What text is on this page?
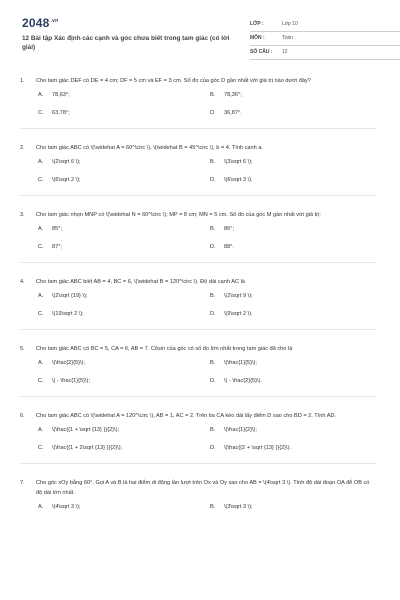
$2048^{.vn}$
12 Bài tập Xác định các cạnh và góc chưa biết trong tam giác (có lời giải)
LỚP :	Lớp 10
MÔN :	Toán
SỐ CÂU : 12
1. Cho tam giác DEF có DE = 4 cm; DF = 5 cm và EF = 3 cm. Số đo của góc D gần nhất với giá trị nào dưới đây?
A. 78,63°;	B. 78,36°;
C. 63,78°;	D. 36,87°.
2. Cho tam giác ABC có \(\widehat A = 60^\circ \), \(\widehat B = 45^\circ \), b = 4. Tính cạnh a.
A. \(2\sqrt 6 \);	B. \(3\sqrt 6 \);
C. \(6\sqrt 2 \);	D. \(6\sqrt 3 \).
3. Cho tam giác nhọn MNP có \(\widehat N = 60^\circ \); MP = 8 cm; MN = 5 cm. Số đo của góc M gần nhất với giá trị:
A. 85°;	B. 86°;
C. 87°;	D. 88°.
4. Cho tam giác ABC biết AB = 4, BC = 6, \(\widehat B = 120^\circ \). Độ dài cạnh AC là
A. \(2\sqrt {19} \);	B. \(2\sqrt 9 \);
C. \(19\sqrt 2 \);	D. \(9\sqrt 2 \).
5. Cho tam giác ABC có BC = 5, CA = 6, AB = 7. Côsin của góc có số đo lớn nhất trong tam giác đã cho là
A. \(\frac{2}{5}\);	B. \(\frac{1}{5}\);
C. \( - \frac{1}{5}\);	D. \( - \frac{2}{5}\).
6. Cho tam giác ABC có \(\widehat A = 120^\circ \), AB = 1, AC = 2. Trên tia CA kéo dài lấy điểm D sao cho BD = 2. Tính AD.
A. \(\frac{{1 + \sqrt {13} }}{2}\);	B. \(\frac{1}{2}\);
C. \(\frac{{1 + 2\sqrt {13} }}{2}\);	D. \(\frac{{2 + \sqrt {13} }}{2}\).
7. Cho góc xOy bằng 60°. Gọi A và B là hai điểm di động lần lượt trên Ox và Oy sao cho AB = \(4\sqrt 3 \). Tính độ dài đoạn OA để OB có độ dài lớn nhất.
A. \(4\sqrt 3 \);	B. \(3\sqrt 3 \);
